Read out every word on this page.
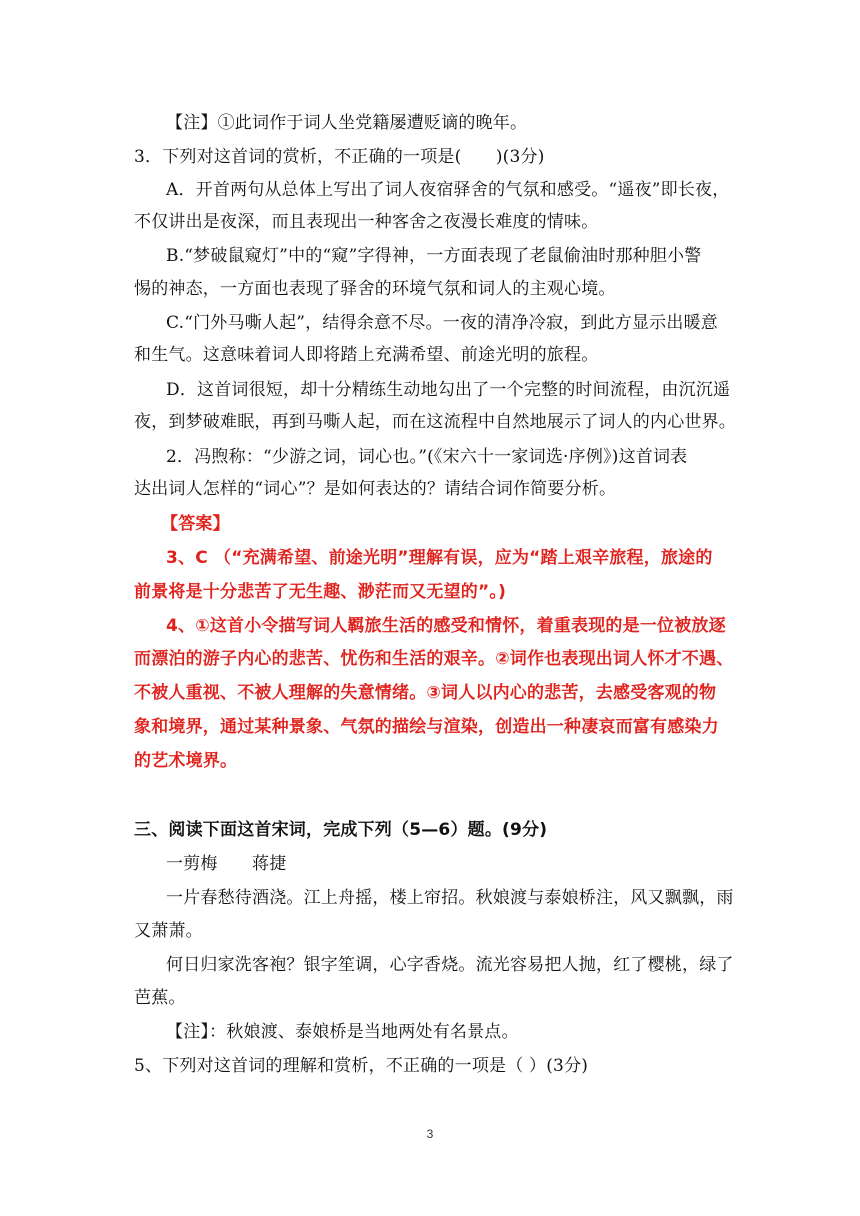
【注】①此词作于词人坐党籍屡遭贬谪的晚年。
3．下列对这首词的赏析，不正确的一项是(　　)(3分)
A．开首两句从总体上写出了词人夜宿驿舍的气氛和感受。“遥夜”即长夜，
不仅讲出是夜深，而且表现出一种客舍之夜漫长难度的情味。
B.“梦破鼠窥灯”中的“窥”字得神，一方面表现了老鼠偷油时那种胆小警
惕的神态，一方面也表现了驿舍的环境气氛和词人的主观心境。
C.“门外马嘶人起”，结得余意不尽。一夜的清净冷寂，到此方显示出暖意
和生气。这意味着词人即将踏上充满希望、前途光明的旅程。
D．这首词很短，却十分精练生动地勾出了一个完整的时间流程，由沉沉遥
夜，到梦破难眠，再到马嘶人起，而在这流程中自然地展示了词人的内心世界。
2．冯煦称：“少游之词，词心也。”(《宋六十一家词选·序例》)这首词表
达出词人怎样的“词心”？是如何表达的？请结合词作简要分析。
【答案】
3、C （“充满希望、前途光明”理解有误，应为“踏上艰辛旅程，旅途的
前景将是十分悲苦了无生趣、渺茫而又无望的”。)
4、①这首小令描写词人羁旅生活的感受和情怀，着重表现的是一位被放逐
而漂泊的游子内心的悲苦、忧伤和生活的艰辛。②词作也表现出词人怀才不遇、
不被人重视、不被人理解的失意情绪。③词人以内心的悲苦，去感受客观的物
象和境界，通过某种景象、气氛的描绘与渲染，创造出一种凄哀而富有感染力
的艺术境界。
三、阅读下面这首宋词，完成下列（5—6）题。(9分)
一剪梅　　蒋捷
一片春愁待酒浇。江上舟摇，楼上帘招。秋娘渡与泰娘桥注，风又飘飘，雨
又萧萧。
何日归家洗客袍？银字笙调，心字香烧。流光容易把人抛，红了樱桃，绿了
芭蕉。
【注】：秋娘渡、泰娘桥是当地两处有名景点。
5、下列对这首词的理解和赏析，不正确的一项是（ ）(3分)
3
